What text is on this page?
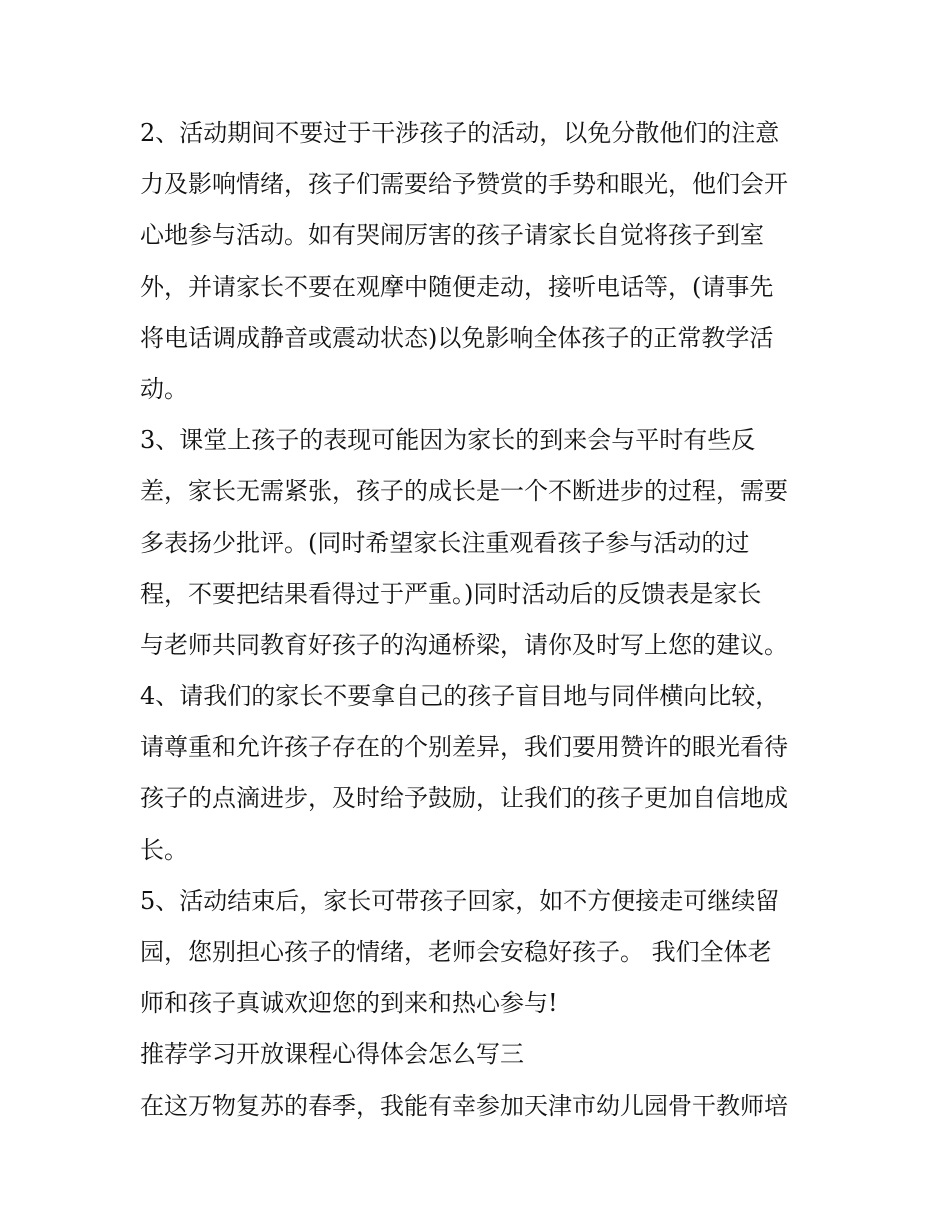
2、活动期间不要过于干涉孩子的活动，以免分散他们的注意
力及影响情绪，孩子们需要给予赞赏的手势和眼光，他们会开
心地参与活动。如有哭闹厉害的孩子请家长自觉将孩子到室
外，并请家长不要在观摩中随便走动，接听电话等，(请事先
将电话调成静音或震动状态)以免影响全体孩子的正常教学活
动。
3、课堂上孩子的表现可能因为家长的到来会与平时有些反
差，家长无需紧张，孩子的成长是一个不断进步的过程，需要
多表扬少批评。(同时希望家长注重观看孩子参与活动的过
程，不要把结果看得过于严重。)同时活动后的反馈表是家长
与老师共同教育好孩子的沟通桥梁，请你及时写上您的建议。
4、请我们的家长不要拿自己的孩子盲目地与同伴横向比较，
请尊重和允许孩子存在的个别差异，我们要用赞许的眼光看待
孩子的点滴进步，及时给予鼓励，让我们的孩子更加自信地成
长。
5、活动结束后，家长可带孩子回家，如不方便接走可继续留
园，您别担心孩子的情绪，老师会安稳好孩子。 我们全体老
师和孩子真诚欢迎您的到来和热心参与!
推荐学习开放课程心得体会怎么写三
在这万物复苏的春季，我能有幸参加天津市幼儿园骨干教师培
